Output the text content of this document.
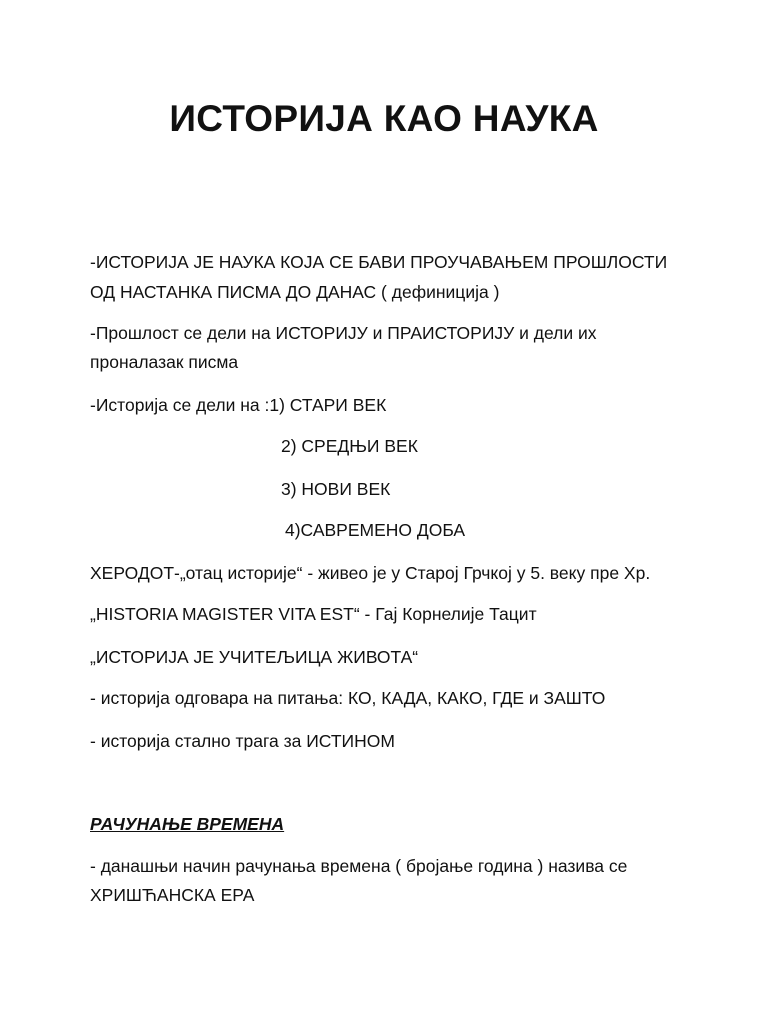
ИСТОРИЈА КАО НАУКА
-ИСТОРИЈА ЈЕ НАУКА КОЈА СЕ БАВИ ПРОУЧАВАЊЕМ ПРОШЛОСТИ
ОД НАСТАНКА ПИСМА ДО ДАНАС ( дефиниција )
-Прошлост се дели на ИСТОРИЈУ и ПРАИСТОРИЈУ и дели их
проналазак писма
-Историја се дели на :1) СТАРИ ВЕК
2) СРЕДЊИ ВЕК
3) НОВИ ВЕК
4)САВРЕМЕНО ДОБА
ХЕРОДОТ-„отац историје“ - живео је у Старој Грчкој у 5. веку пре Хр.
„HISTORIA MAGISTER VITA EST“ - Гај Корнелије Тацит
„ИСТОРИЈА ЈЕ УЧИТЕЉИЦА ЖИВОТА“
- историја одговара на питања: КО, КАДА, КАКО, ГДЕ и ЗАШТО
- историја стално трага за ИСТИНОМ
РАЧУНАЊЕ ВРЕМЕНА
- данашњи начин рачунања времена ( бројање година ) назива се
ХРИШЋАНСКА ЕРА
